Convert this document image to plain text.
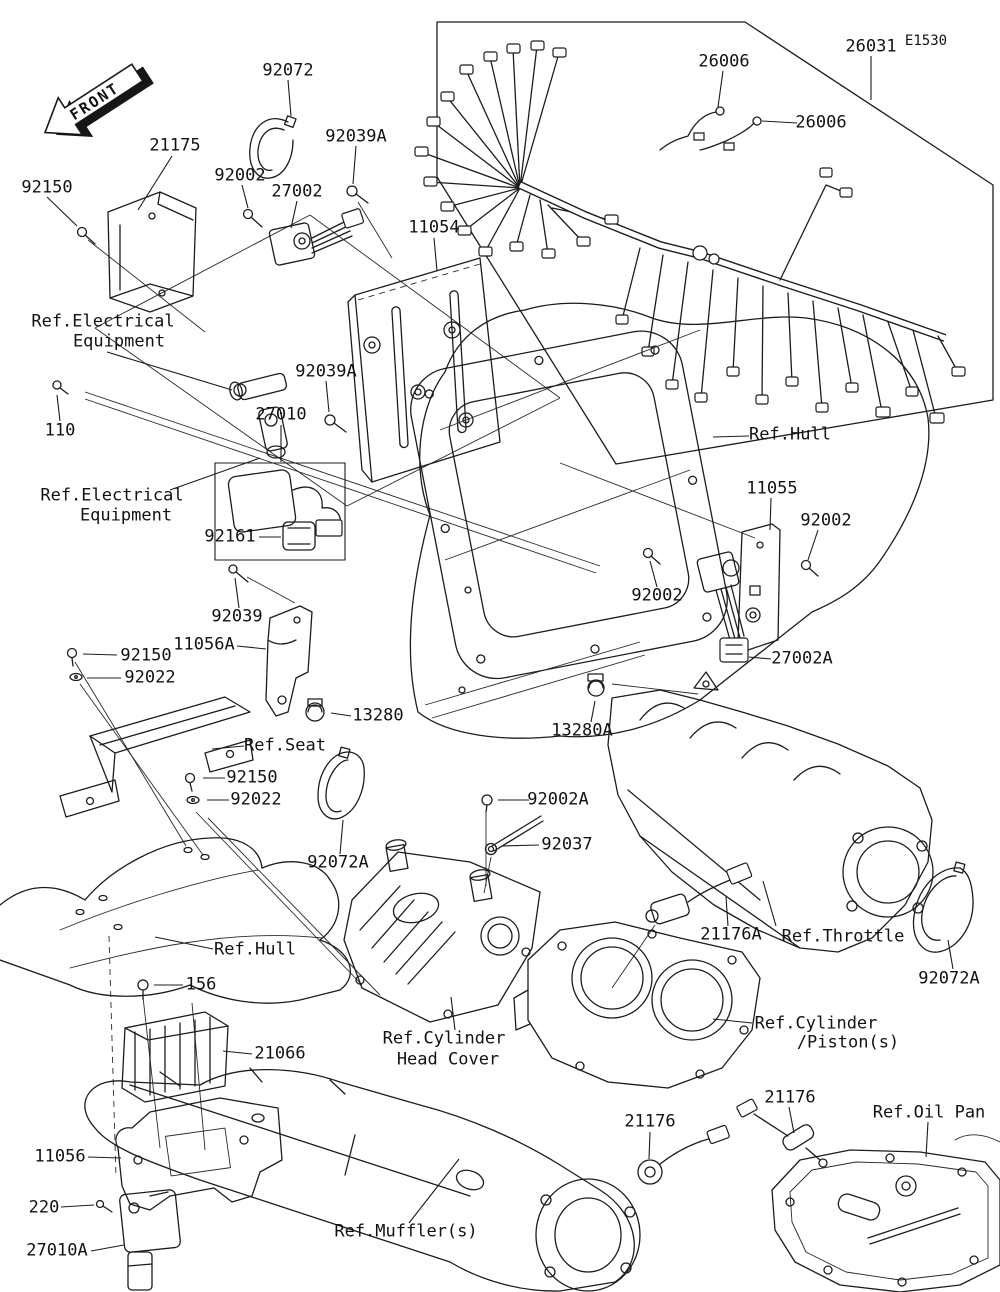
FRONT
92072
26031 E1530
26006
26006
21175	92039A
92150
92002
27002
11054
Ref.Electrical
Equipment
92039A
110
27010
Ref.Hull
Ref.Electrical
Equipment
11055
92002
92161
92002
27002A
92039
11056A
92150
92022
Ref.Seat
13280
13280A
92150
92022	92002A
92037
92072A
21176A Ref.Throttle
92072A
Ref.Hull
156
21066
Ref.Cylinder
Head Cover
Ref.Cylinder
/Piston(s)
11056
21176
21176
Ref.Oil Pan
220
27010A
Ref.Muffler(s)
